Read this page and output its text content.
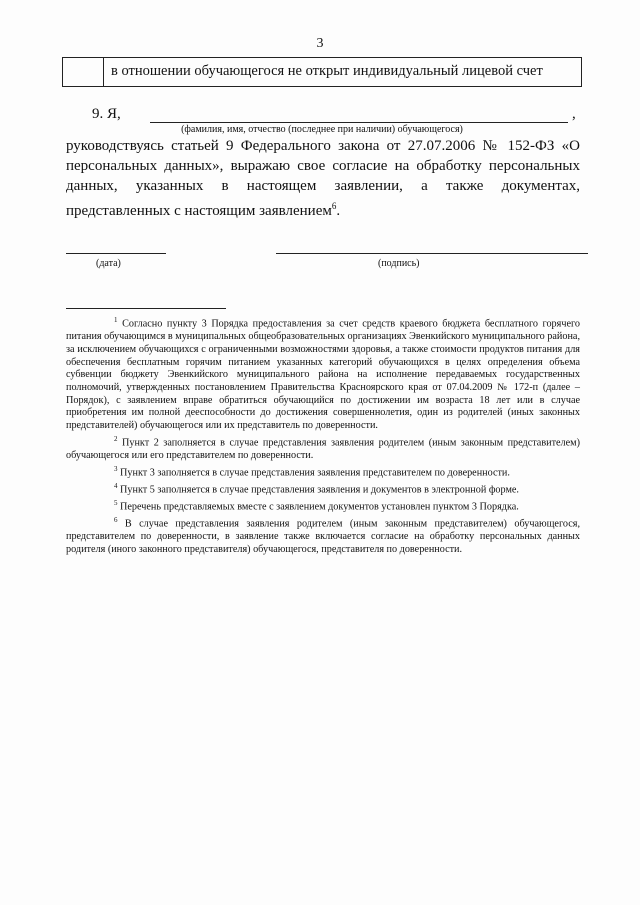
3
в отношении обучающегося не открыт индивидуальный лицевой счет
9. Я,	,
(фамилия, имя, отчество (последнее при наличии) обучающегося)
руководствуясь статьей 9 Федерального закона от 27.07.2006 № 152-ФЗ «О персональных данных», выражаю свое согласие на обработку персональных данных, указанных в настоящем заявлении, а также документах, представленных с настоящим заявлением$^6$.
(дата)	(подпись)

$^1$ Согласно пункту 3 Порядка предоставления за счет средств краевого бюджета бесплатного горячего питания обучающимся в муниципальных общеобразовательных организациях Эвенкийского муниципального района, за исключением обучающихся с ограниченными возможностями здоровья, а также стоимости продуктов питания для обеспечения бесплатным горячим питанием указанных категорий обучающихся в целях определения объема субвенции бюджету Эвенкийского муниципального района на исполнение передаваемых государственных полномочий, утвержденных постановлением Правительства Красноярского края от 07.04.2009 № 172-п (далее – Порядок), с заявлением вправе обратиться обучающийся по достижении им возраста 18 лет или в случае приобретения им полной дееспособности до достижения совершеннолетия, один из родителей (иных законных представителей) обучающегося или их представитель по доверенности.

$^2$ Пункт 2 заполняется в случае представления заявления родителем (иным законным представителем) обучающегося или его представителем по доверенности.

$^3$ Пункт 3 заполняется в случае представления заявления представителем по доверенности.

$^4$ Пункт 5 заполняется в случае представления заявления и документов в электронной форме.

$^5$ Перечень представляемых вместе с заявлением документов установлен пунктом 3 Порядка.

$^6$ В случае представления заявления родителем (иным законным представителем) обучающегося, представителем по доверенности, в заявление также включается согласие на обработку персональных данных родителя (иного законного представителя) обучающегося, представителя по доверенности.
